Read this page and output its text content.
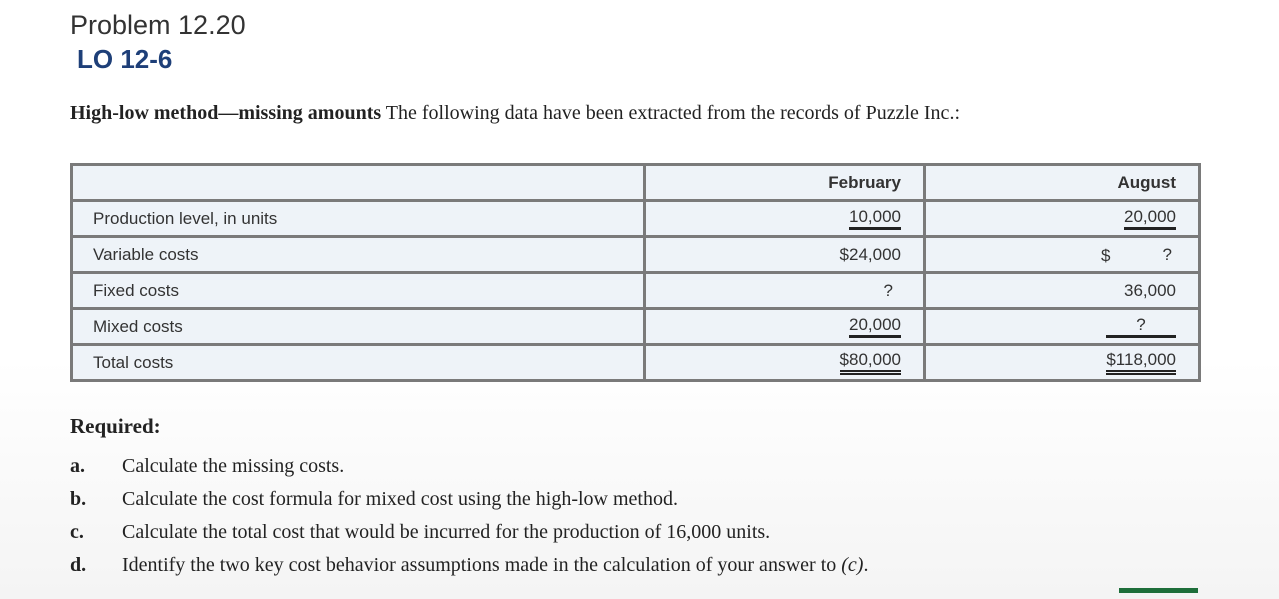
Problem 12.20
LO 12-6
High-low method—missing amounts The following data have been extracted from the records of Puzzle Inc.:
	February	August
Production level, in units	10,000	20,000
Variable costs	$24,000	$ ?
Fixed costs	?	36,000
Mixed costs	20,000	?
Total costs	$80,000	$118,000
Required:
a. Calculate the missing costs.
b. Calculate the cost formula for mixed cost using the high-low method.
c. Calculate the total cost that would be incurred for the production of 16,000 units.
d. Identify the two key cost behavior assumptions made in the calculation of your answer to (c).
